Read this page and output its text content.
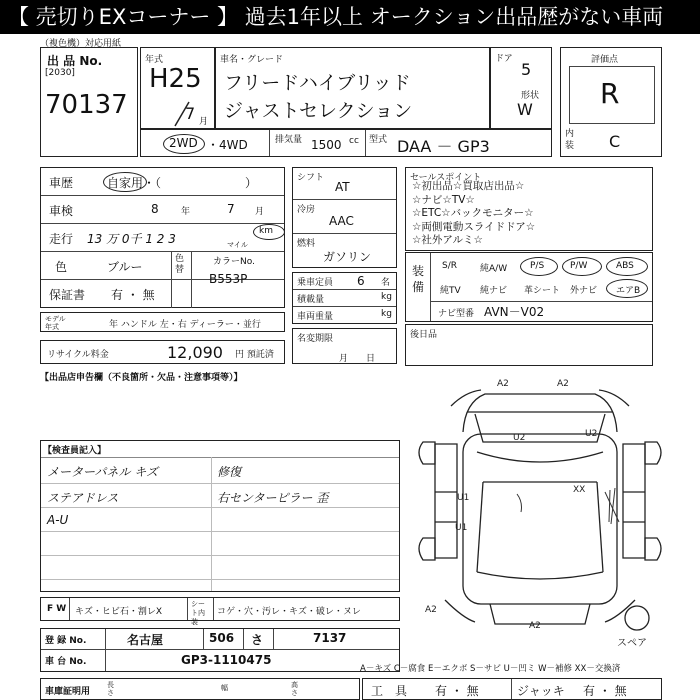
【 売切りEXコーナー 】 過去1年以上 オークション出品歴がない車両
（複色機）対応用紙
出 品 No.
[2030]
70137
年式
H25
7 月
車名・グレード
フリードハイブリッド
ジャストセレクション
ドア
5
形状
W
評価点
R
内装 C
2WD ・4WD	排気量 1500 cc 型式 DAA － GP3
車歴	自家用・（　　　　　　　）
車検	8 年	7 月
走行 13 万 0千 1 2 3
km
マイル
色	ブルー
色替
カラーNo.
保証書 有 ・ 無
B553P
モデル年式	年 ハンドル 左・右 ディーラー・並行
リサイクル料金	12,090 円 預託済
シフト
AT
冷房
AAC
燃料
ガソリン
乗車定員 6 名
積載量	kg
車両重量	kg
名変期限
月　　日
セールスポイント
☆初出品☆買取店出品☆
☆ナビ☆TV☆
☆ETC☆バックモニター☆
☆両側電動スライドドア☆
☆社外アルミ☆
装備
S/R	純A/W	P/S	P/W	ABS
純TV 純ナビ 革シート 外ナビ エアB
ナビ型番 AVN－V02
後日品
【出品店申告欄（不良箇所・欠品・注意事項等）】
【検査員記入】
メーターパネル キズ	修復
ステアドレス	右センターピラー 歪
A-U
A2	A2
U2	U2
U1
U1
XX
A2
A2
スペア
F W キズ・ヒビ石・割レX
シート内装
コゲ・穴・汚レ・キズ・破レ・ヌレ
登 録 No.	名古屋	506 さ	7137
車 台 No.	GP3-1110475
A－キズ C－腐食 E－エクボ S－サビ U－凹ミ W－補修 XX－交換済
車庫証明用
長さ
幅	高さ	工　具 有 ・ 無	ジャッキ 有 ・ 無
